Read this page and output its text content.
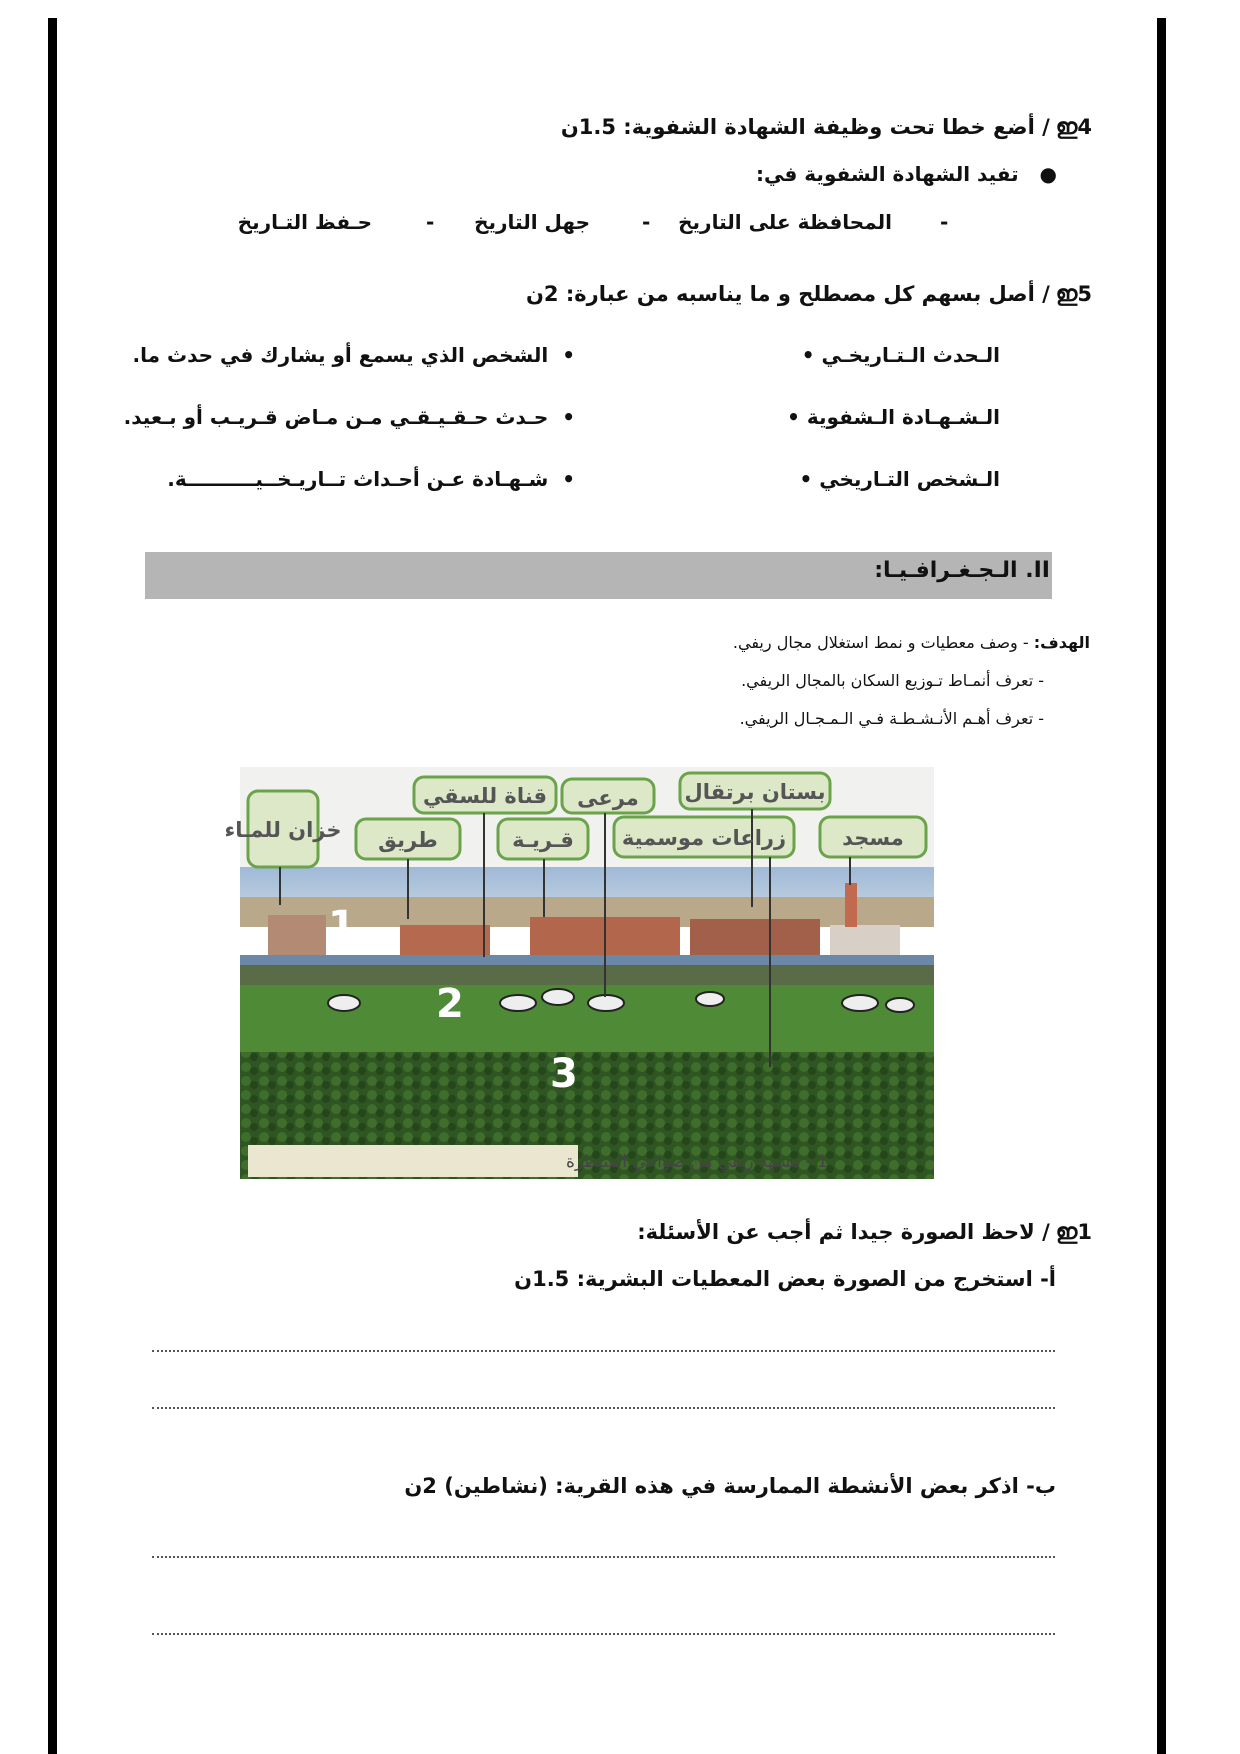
ഇ4/ أضع خطا تحت وظيفة الشهادة الشفوية: 1.5ن
●   تفيد الشهادة الشفوية في:
-
المحافظة على التاريخ
-
جهل التاريخ
-
حـفظ التـاريخ
ഇ5/ أصل بسهم كل مصطلح و ما يناسبه من عبارة: 2ن
الـحدث الـتـاريخـي •
•  الشخص الذي يسمع أو يشارك في حدث ما.
الـشـهـادة الـشفوية •
•  حـدث حـقـيـقـي مـن مـاض قـريـب أو بـعيد.
الـشخص التـاريخي •
•  شـهـادة عـن أحـداث تــاريـخــيــــــــــة.
II. الـجـغـرافـيـا:
الهدف: - وصف معطيات و نمط استغلال مجال ريفي.
- تعرف أنمـاط تـوزيع السكان بالمجال الريفي.
- تعرف أهـم الأنـشـطـة فـي الـمـجـال الريفي.
بستان برتقال
مرعى
قناة للسقي
خزان للمـاء طريق	قـريـة زراعات موسمية	مسجد
1
2
3
1 - مشهد ريفي من ضواحي القنيطرة
ഇ1/ لاحظ الصورة جيدا ثم أجب عن الأسئلة:
أ- استخرج من الصورة بعض المعطيات البشرية: 1.5ن
ب- اذكر بعض الأنشطة الممارسة في هذه القرية: (نشاطين) 2ن
